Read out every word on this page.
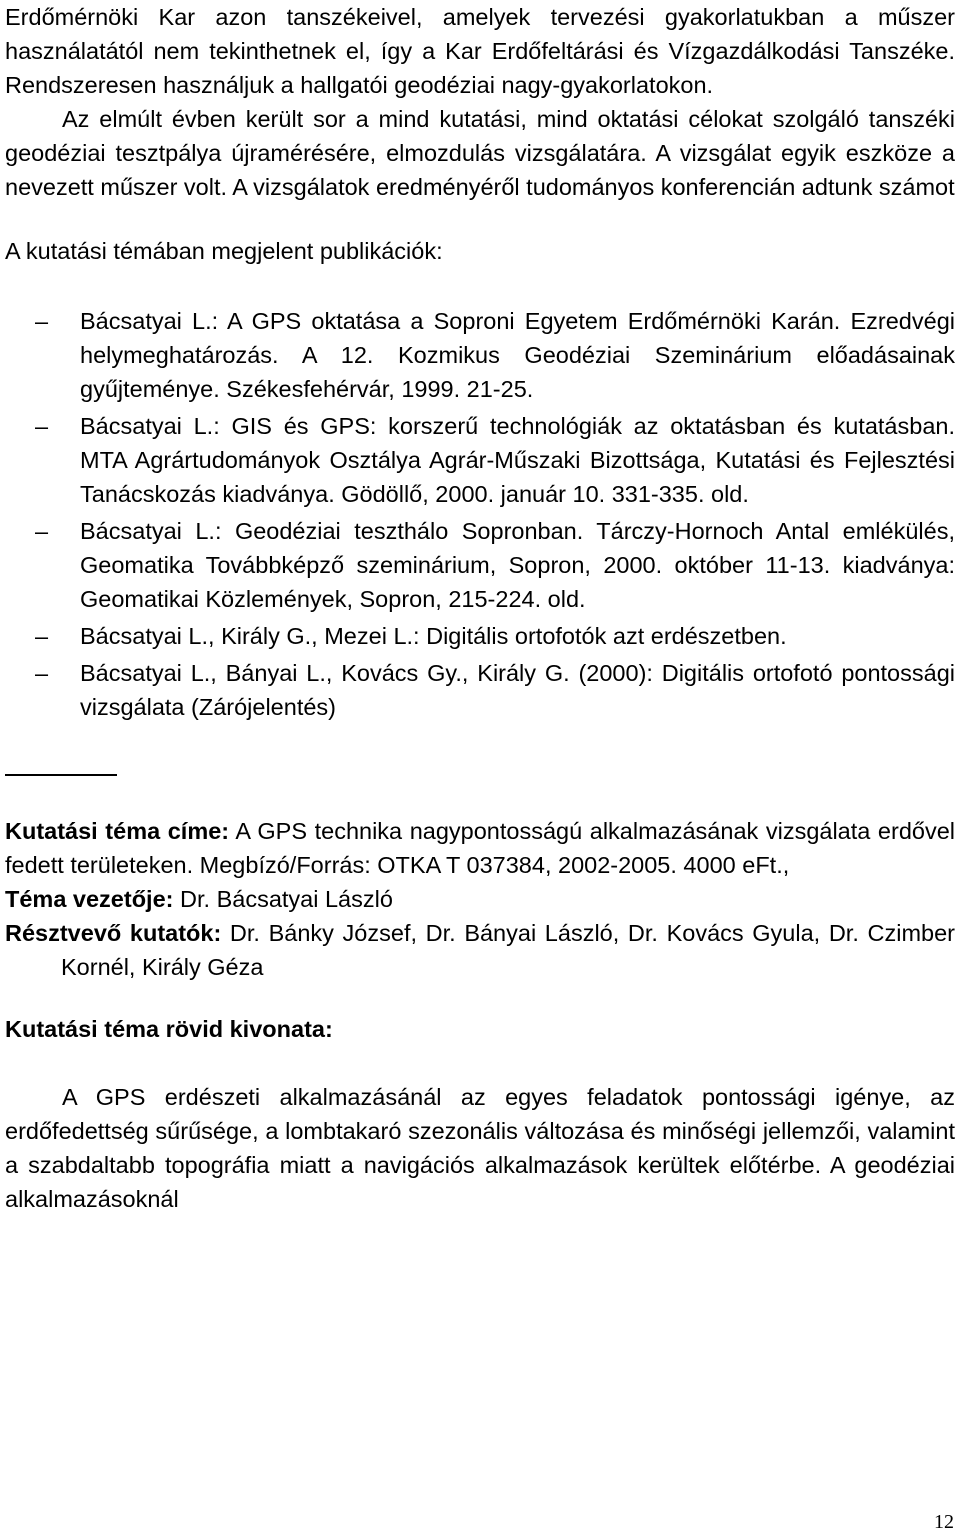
Erdőmérnöki Kar azon tanszékeivel, amelyek tervezési gyakorlatukban a műszer használatától nem tekinthetnek el, így a Kar Erdőfeltárási és Vízgazdálkodási Tanszéke. Rendszeresen használjuk a hallgatói geodéziai nagy-gyakorlatokon.

Az elmúlt évben került sor a mind kutatási, mind oktatási célokat szolgáló tanszéki geodéziai tesztpálya újramérésére, elmozdulás vizsgálatára. A vizsgálat egyik eszköze a nevezett műszer volt. A vizsgálatok eredményéről tudományos konferencián adtunk számot

A kutatási témában megjelent publikációk:

– Bácsatyai L.: A GPS oktatása a Soproni Egyetem Erdőmérnöki Karán. Ezredvégi helymeghatározás. A 12. Kozmikus Geodéziai Szeminárium előadásainak gyűjteménye. Székesfehérvár, 1999. 21-25.
– Bácsatyai L.: GIS és GPS: korszerű technológiák az oktatásban és kutatásban. MTA Agrártudományok Osztálya Agrár-Műszaki Bizottsága, Kutatási és Fejlesztési Tanácskozás kiadványa. Gödöllő, 2000. január 10. 331-335. old.
– Bácsatyai L.: Geodéziai teszthálo Sopronban. Tárczy-Hornoch Antal emlékülés, Geomatika Továbbképző szeminárium, Sopron, 2000. október 11-13. kiadványa: Geomatikai Közlemények, Sopron, 215-224. old.
– Bácsatyai L., Király G., Mezei L.: Digitális ortofotók azt erdészetben.
– Bácsatyai L., Bányai L., Kovács Gy., Király G. (2000): Digitális ortofotó pontossági vizsgálata (Zárójelentés)

Kutatási téma címe: A GPS technika nagypontosságú alkalmazásának vizsgálata erdővel fedett területeken. Megbízó/Forrás: OTKA T 037384, 2002-2005. 4000 eFt.,

Téma vezetője: Dr. Bácsatyai László

Résztvevő kutatók: Dr. Bánky József, Dr. Bányai László, Dr. Kovács Gyula, Dr. Czimber Kornél, Király Géza

Kutatási téma rövid kivonata:

A GPS erdészeti alkalmazásánál az egyes feladatok pontossági igénye, az erdőfedettség sűrűsége, a lombtakaró szezonális változása és minőségi jellemzői, valamint a szabdaltabb topográfia miatt a navigációs alkalmazások kerültek előtérbe. A geodéziai alkalmazásoknál

12
